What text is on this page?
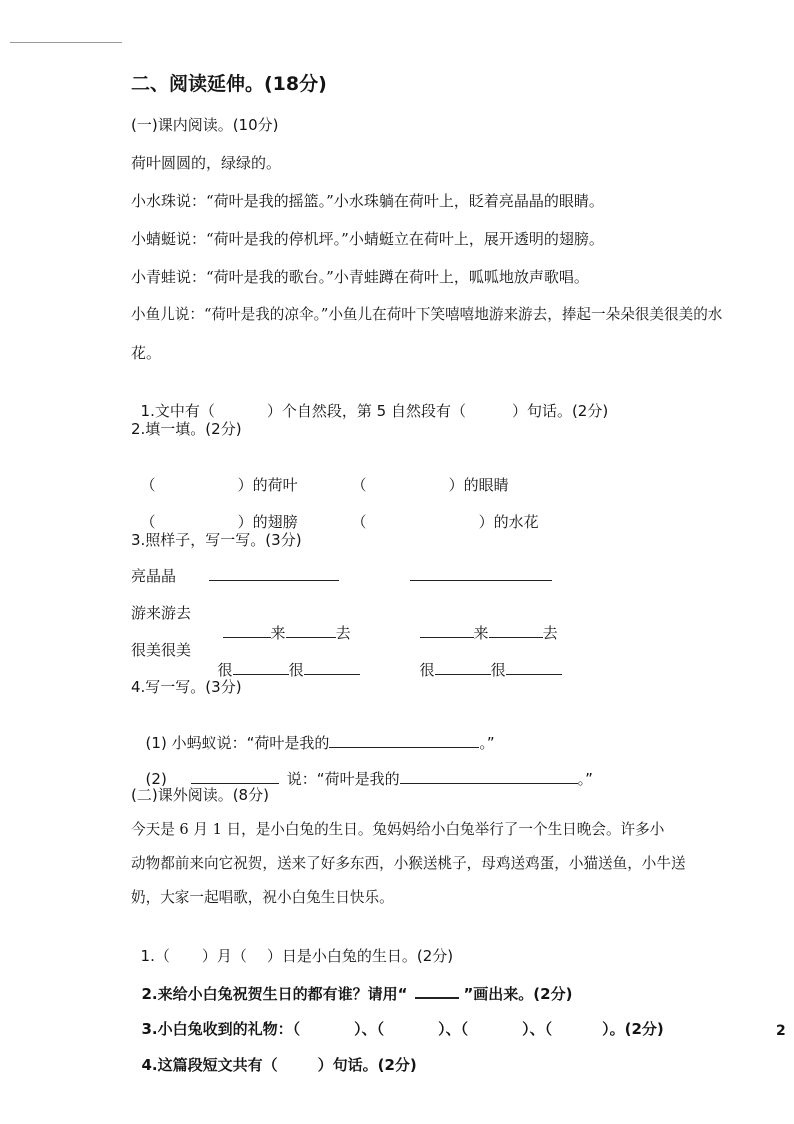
二、阅读延伸。(18分)
(一)课内阅读。(10分)
荷叶圆圆的，绿绿的。
小水珠说：“荷叶是我的摇篮。”小水珠躺在荷叶上，眨着亮晶晶的眼睛。
小蜻蜓说：“荷叶是我的停机坪。”小蜻蜓立在荷叶上，展开透明的翅膀。
小青蛙说：“荷叶是我的歌台。”小青蛙蹲在荷叶上，呱呱地放声歌唱。
小鱼儿说：“荷叶是我的凉伞。”小鱼儿在荷叶下笑嘻嘻地游来游去，捧起一朵朵很美很美的水
花。

1.文中有（	）个自然段，第 5 自然段有（	）句话。(2分)

2.填一填。(2分)

（	）的荷叶	（	）的眼睛

（	）的翅膀	（	）的水花

3.照样子，写一写。(3分)
亮晶晶
游来游去

来	去	来	去

很美很美

很	很	很	很

4.写一写。(3分)

(1) 小蚂蚁说：“荷叶是我的	。”

(2)	说：“荷叶是我的	。”

(二)课外阅读。(8分)
今天是 6 月 1 日，是小白兔的生日。兔妈妈给小白兔举行了一个生日晚会。许多小
动物都前来向它祝贺，送来了好多东西，小猴送桃子，母鸡送鸡蛋，小猫送鱼，小牛送
奶，大家一起唱歌，祝小白兔生日快乐。

1.（ ）月（ ）日是小白兔的生日。(2分)

2.来给小白兔祝贺生日的都有谁？请用“	”画出来。(2分)

3.小白兔收到的礼物：（	）、（	）、（	）、（	）。(2分)

4.这篇段短文共有（	）句话。(2分)

2
